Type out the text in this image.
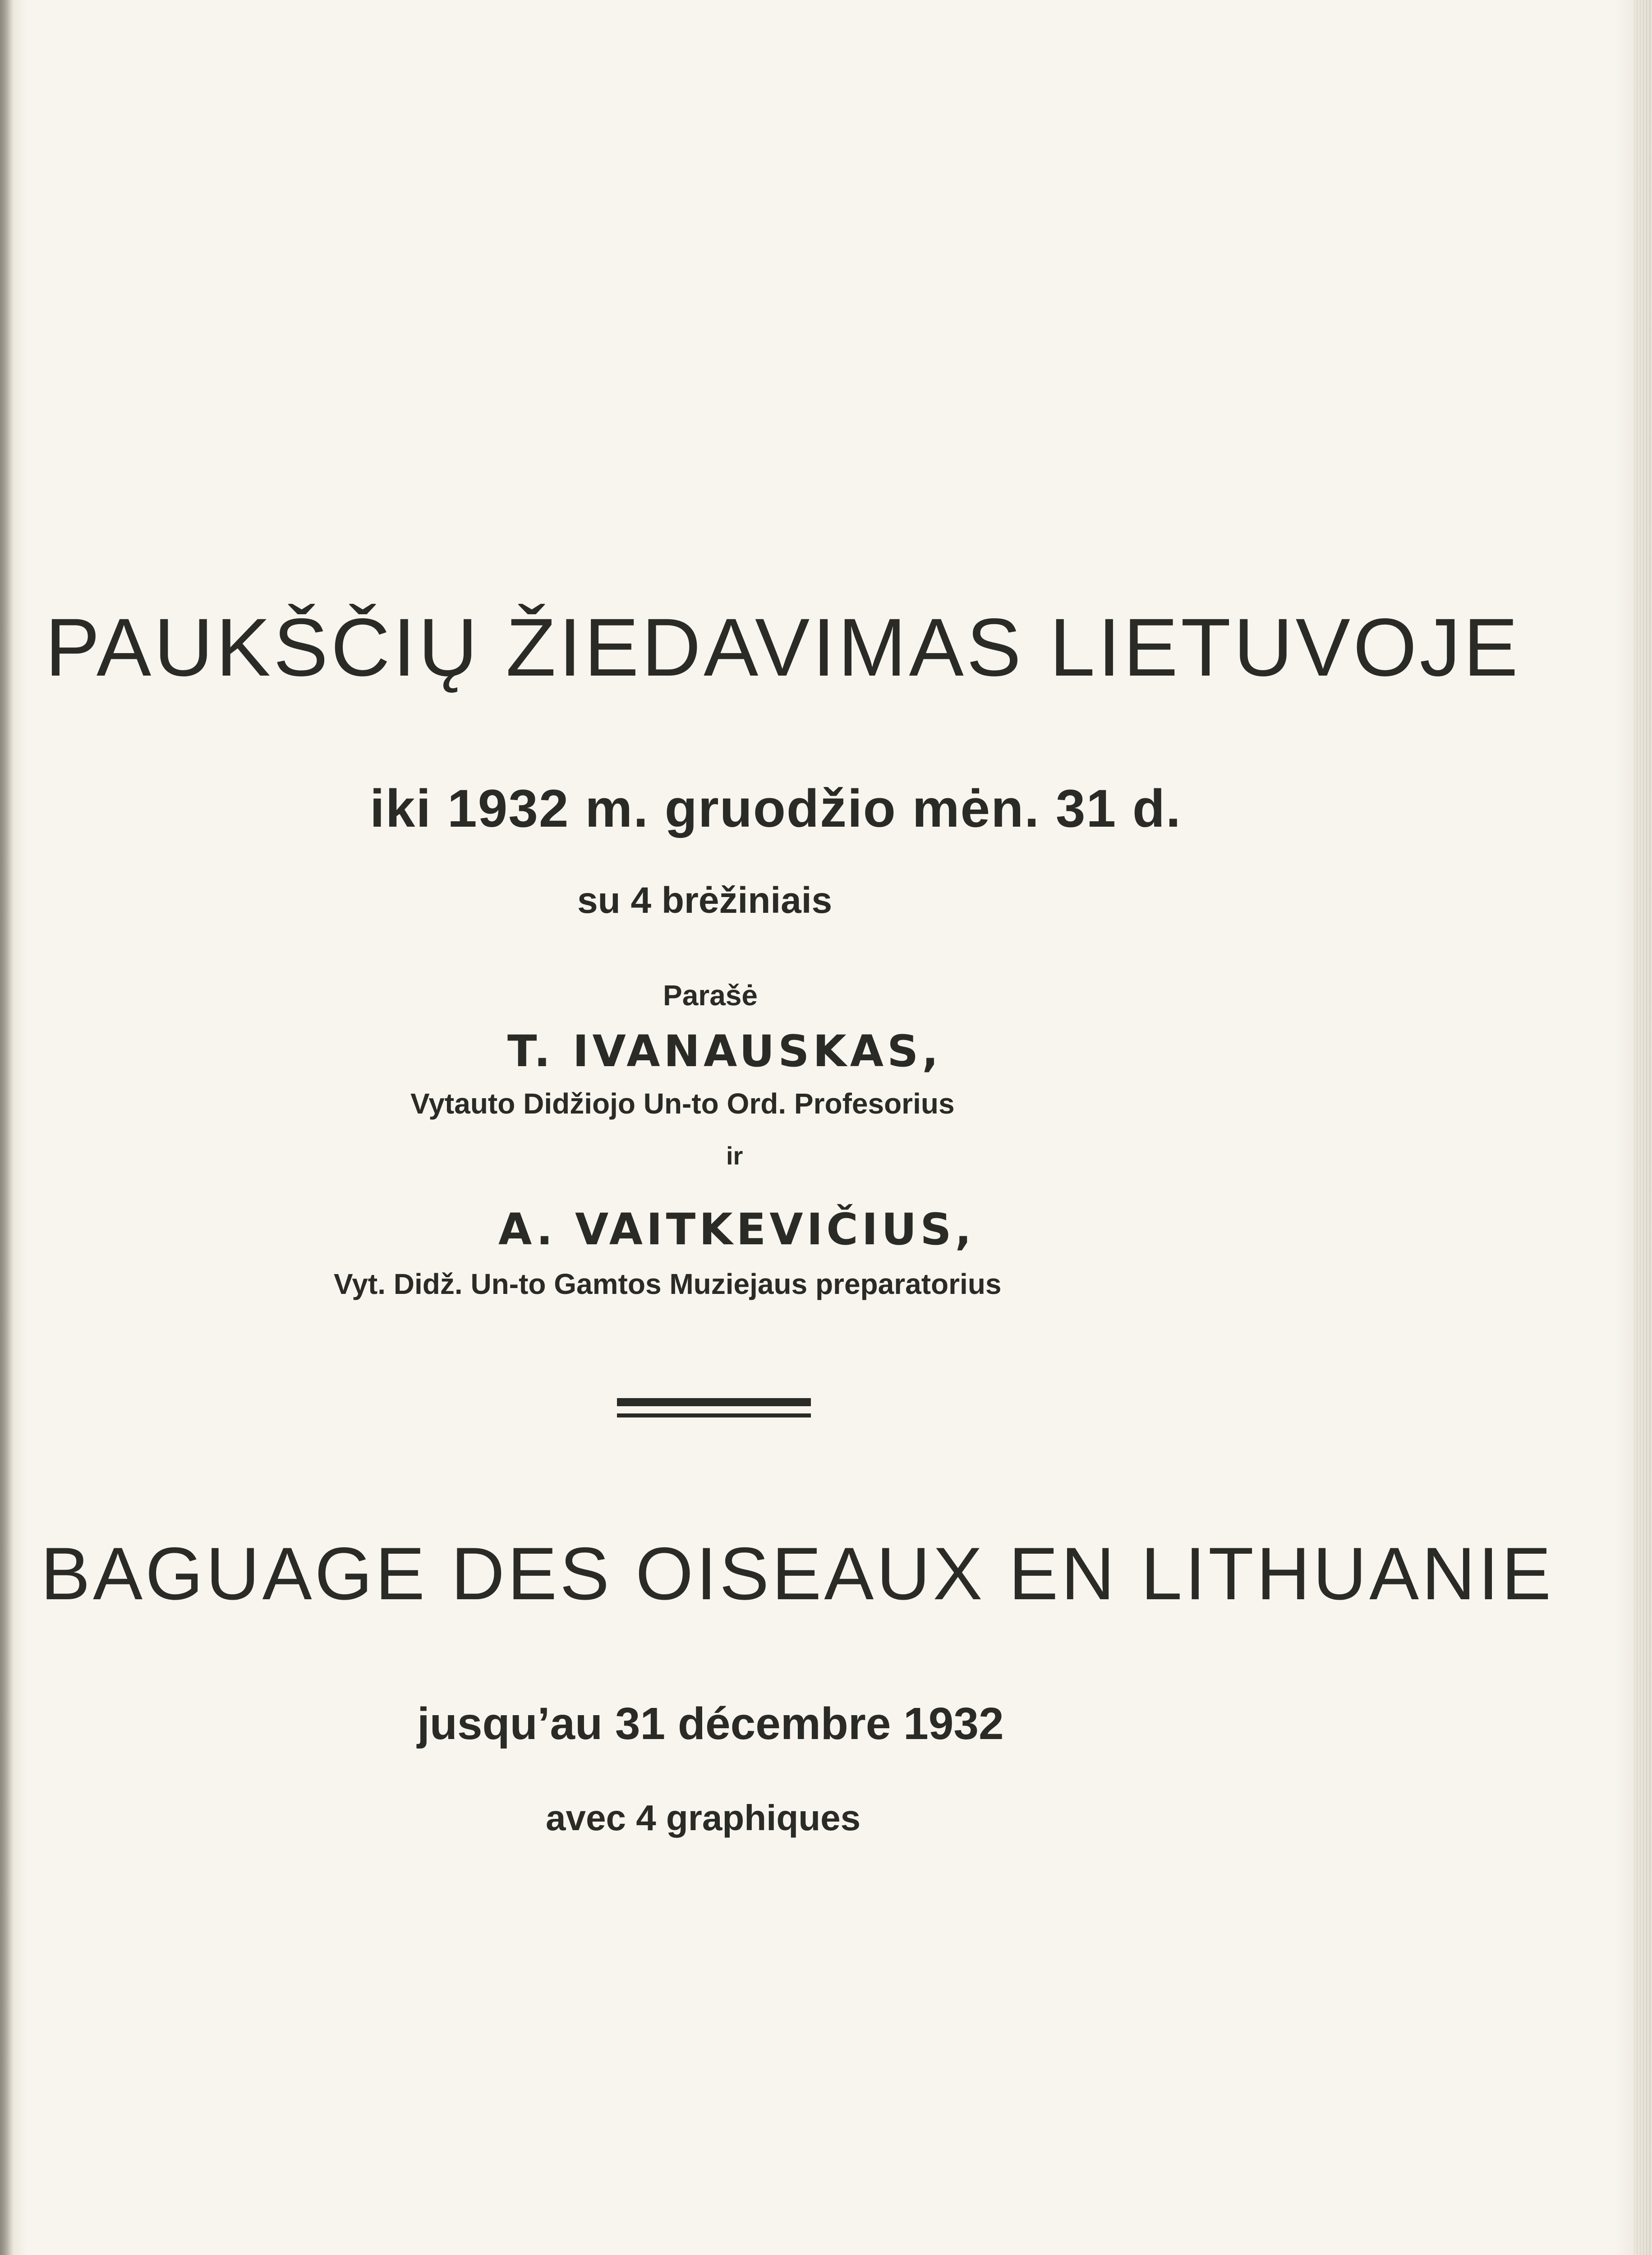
PAUKŠČIŲ ŽIEDAVIMAS LIETUVOJE
iki 1932 m. gruodžio mėn. 31 d.
su 4 brėžiniais
Parašė
T. IVANAUSKAS,
Vytauto Didžiojo Un-to Ord. Profesorius
ir
A. VAITKEVIČIUS,
Vyt. Didž. Un-to Gamtos Muziejaus preparatorius
BAGUAGE DES OISEAUX EN LITHUANIE
jusqu’au 31 décembre 1932
avec 4 graphiques
